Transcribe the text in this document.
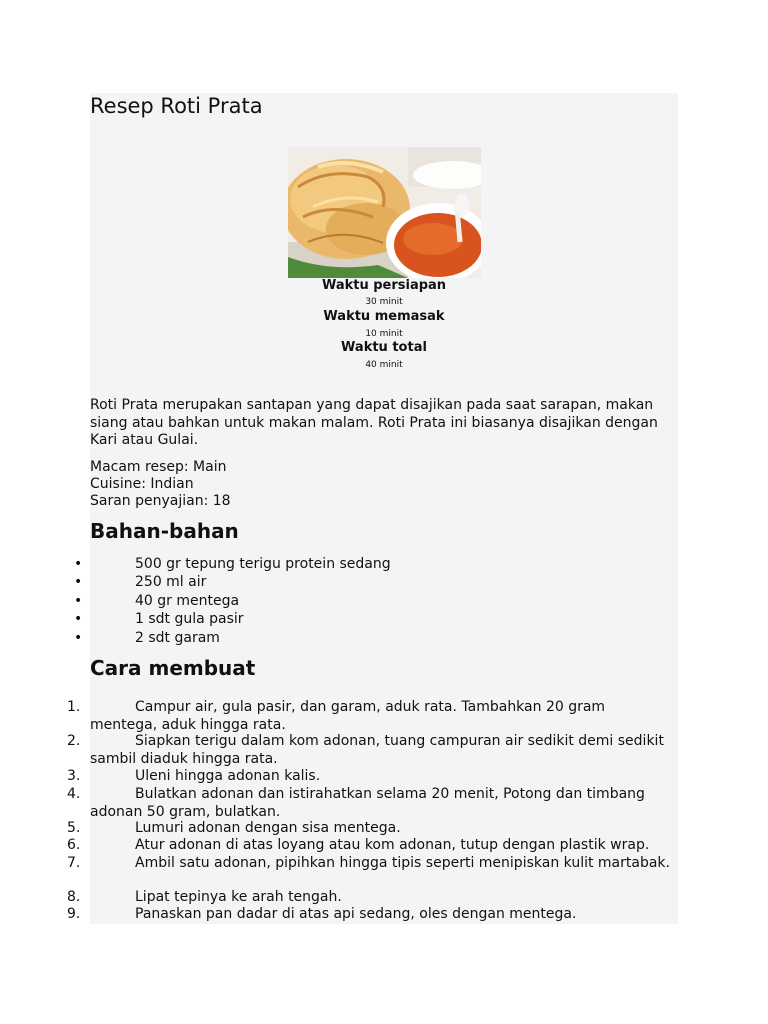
Resep Roti Prata
Waktu persiapan
30 minit
Waktu memasak
10 minit
Waktu total
40 minit

Roti Prata merupakan santapan yang dapat disajikan pada saat sarapan, makan siang atau bahkan untuk makan malam. Roti Prata ini biasanya disajikan dengan Kari atau Gulai.

Macam resep: Main
Cuisine: Indian
Saran penyajian: 18
Bahan-bahan
•	500 gr tepung terigu protein sedang
•	250 ml air
•	40 gr mentega
•	1 sdt gula pasir
•	2 sdt garam
Cara membuat
1.	Campur air, gula pasir, dan garam, aduk rata. Tambahkan 20 gram mentega, aduk hingga rata.

2.	Siapkan terigu dalam kom adonan, tuang campuran air sedikit demi sedikit sambil diaduk hingga rata.

3.	Uleni hingga adonan kalis.

4.	Bulatkan adonan dan istirahatkan selama 20 menit, Potong dan timbang adonan 50 gram, bulatkan.

5.	Lumuri adonan dengan sisa mentega.

6.	Atur adonan di atas loyang atau kom adonan, tutup dengan plastik wrap.

7.	Ambil satu adonan, pipihkan hingga tipis seperti menipiskan kulit martabak.

8.	Lipat tepinya ke arah tengah.

9.	Panaskan pan dadar di atas api sedang, oles dengan mentega.
